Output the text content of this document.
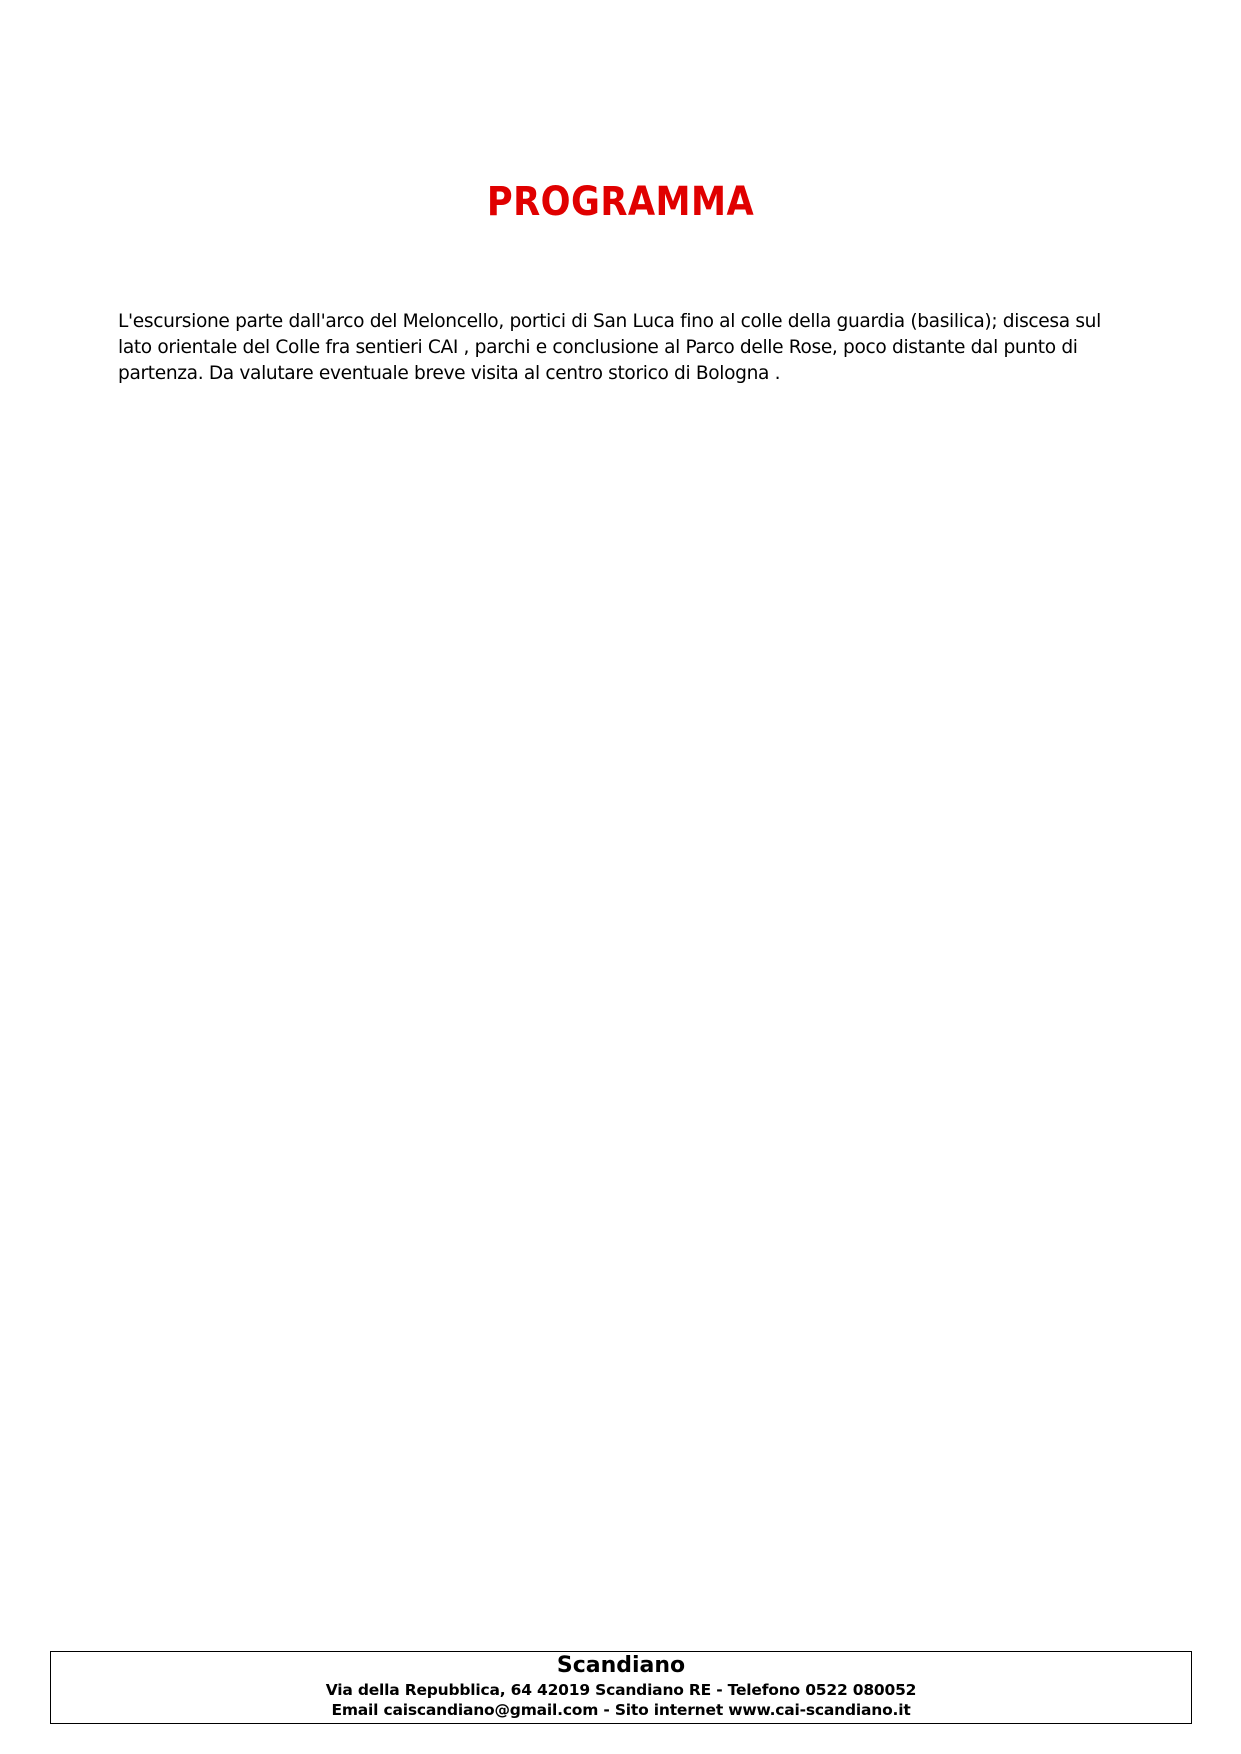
PROGRAMMA

L'escursione parte dall'arco del Meloncello, portici di San Luca fino al colle della guardia (basilica); discesa sul lato orientale del Colle fra sentieri CAI , parchi e conclusione al Parco delle Rose, poco distante dal punto di partenza. Da valutare eventuale breve visita al centro storico di Bologna .

Scandiano
Via della Repubblica, 64 42019 Scandiano RE - Telefono 0522 080052
Email caiscandiano@gmail.com - Sito internet www.cai-scandiano.it
